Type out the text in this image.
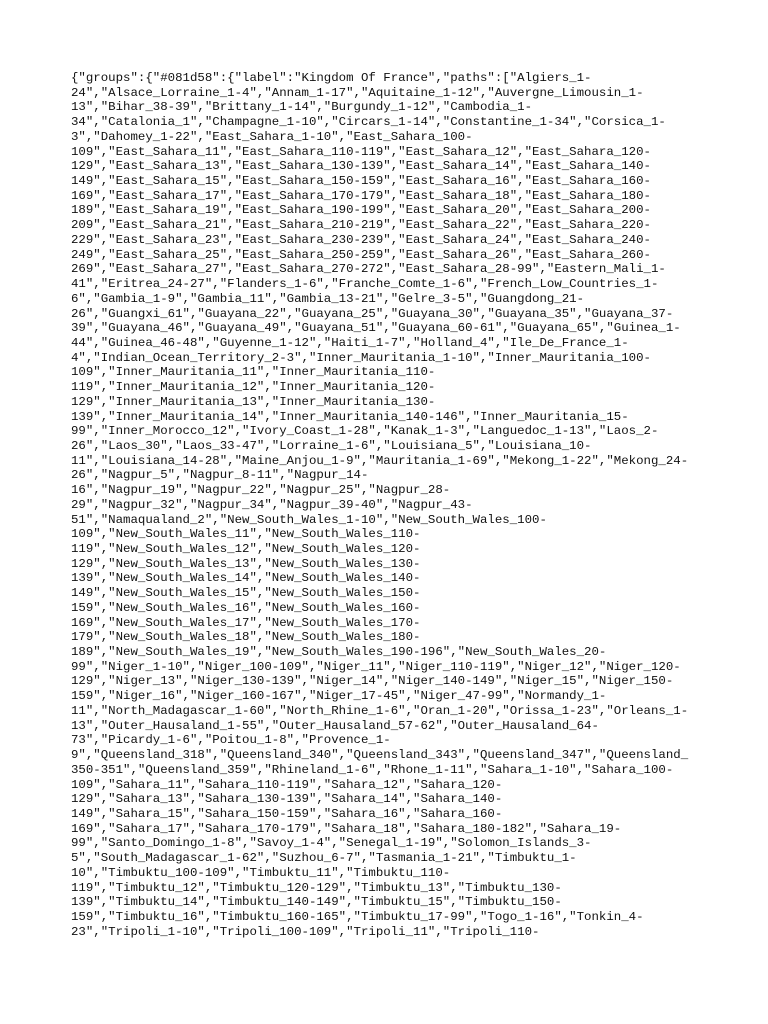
{"groups":{"#081d58":{"label":"Kingdom Of France","paths":["Algiers_1-
24","Alsace_Lorraine_1-4","Annam_1-17","Aquitaine_1-12","Auvergne_Limousin_1-
13","Bihar_38-39","Brittany_1-14","Burgundy_1-12","Cambodia_1-
34","Catalonia_1","Champagne_1-10","Circars_1-14","Constantine_1-34","Corsica_1-
3","Dahomey_1-22","East_Sahara_1-10","East_Sahara_100-
109","East_Sahara_11","East_Sahara_110-119","East_Sahara_12","East_Sahara_120-
129","East_Sahara_13","East_Sahara_130-139","East_Sahara_14","East_Sahara_140-
149","East_Sahara_15","East_Sahara_150-159","East_Sahara_16","East_Sahara_160-
169","East_Sahara_17","East_Sahara_170-179","East_Sahara_18","East_Sahara_180-
189","East_Sahara_19","East_Sahara_190-199","East_Sahara_20","East_Sahara_200-
209","East_Sahara_21","East_Sahara_210-219","East_Sahara_22","East_Sahara_220-
229","East_Sahara_23","East_Sahara_230-239","East_Sahara_24","East_Sahara_240-
249","East_Sahara_25","East_Sahara_250-259","East_Sahara_26","East_Sahara_260-
269","East_Sahara_27","East_Sahara_270-272","East_Sahara_28-99","Eastern_Mali_1-
41","Eritrea_24-27","Flanders_1-6","Franche_Comte_1-6","French_Low_Countries_1-
6","Gambia_1-9","Gambia_11","Gambia_13-21","Gelre_3-5","Guangdong_21-
26","Guangxi_61","Guayana_22","Guayana_25","Guayana_30","Guayana_35","Guayana_37-
39","Guayana_46","Guayana_49","Guayana_51","Guayana_60-61","Guayana_65","Guinea_1-
44","Guinea_46-48","Guyenne_1-12","Haiti_1-7","Holland_4","Ile_De_France_1-
4","Indian_Ocean_Territory_2-3","Inner_Mauritania_1-10","Inner_Mauritania_100-
109","Inner_Mauritania_11","Inner_Mauritania_110-
119","Inner_Mauritania_12","Inner_Mauritania_120-
129","Inner_Mauritania_13","Inner_Mauritania_130-
139","Inner_Mauritania_14","Inner_Mauritania_140-146","Inner_Mauritania_15-
99","Inner_Morocco_12","Ivory_Coast_1-28","Kanak_1-3","Languedoc_1-13","Laos_2-
26","Laos_30","Laos_33-47","Lorraine_1-6","Louisiana_5","Louisiana_10-
11","Louisiana_14-28","Maine_Anjou_1-9","Mauritania_1-69","Mekong_1-22","Mekong_24-
26","Nagpur_5","Nagpur_8-11","Nagpur_14-
16","Nagpur_19","Nagpur_22","Nagpur_25","Nagpur_28-
29","Nagpur_32","Nagpur_34","Nagpur_39-40","Nagpur_43-
51","Namaqualand_2","New_South_Wales_1-10","New_South_Wales_100-
109","New_South_Wales_11","New_South_Wales_110-
119","New_South_Wales_12","New_South_Wales_120-
129","New_South_Wales_13","New_South_Wales_130-
139","New_South_Wales_14","New_South_Wales_140-
149","New_South_Wales_15","New_South_Wales_150-
159","New_South_Wales_16","New_South_Wales_160-
169","New_South_Wales_17","New_South_Wales_170-
179","New_South_Wales_18","New_South_Wales_180-
189","New_South_Wales_19","New_South_Wales_190-196","New_South_Wales_20-
99","Niger_1-10","Niger_100-109","Niger_11","Niger_110-119","Niger_12","Niger_120-
129","Niger_13","Niger_130-139","Niger_14","Niger_140-149","Niger_15","Niger_150-
159","Niger_16","Niger_160-167","Niger_17-45","Niger_47-99","Normandy_1-
11","North_Madagascar_1-60","North_Rhine_1-6","Oran_1-20","Orissa_1-23","Orleans_1-
13","Outer_Hausaland_1-55","Outer_Hausaland_57-62","Outer_Hausaland_64-
73","Picardy_1-6","Poitou_1-8","Provence_1-
9","Queensland_318","Queensland_340","Queensland_343","Queensland_347","Queensland_
350-351","Queensland_359","Rhineland_1-6","Rhone_1-11","Sahara_1-10","Sahara_100-
109","Sahara_11","Sahara_110-119","Sahara_12","Sahara_120-
129","Sahara_13","Sahara_130-139","Sahara_14","Sahara_140-
149","Sahara_15","Sahara_150-159","Sahara_16","Sahara_160-
169","Sahara_17","Sahara_170-179","Sahara_18","Sahara_180-182","Sahara_19-
99","Santo_Domingo_1-8","Savoy_1-4","Senegal_1-19","Solomon_Islands_3-
5","South_Madagascar_1-62","Suzhou_6-7","Tasmania_1-21","Timbuktu_1-
10","Timbuktu_100-109","Timbuktu_11","Timbuktu_110-
119","Timbuktu_12","Timbuktu_120-129","Timbuktu_13","Timbuktu_130-
139","Timbuktu_14","Timbuktu_140-149","Timbuktu_15","Timbuktu_150-
159","Timbuktu_16","Timbuktu_160-165","Timbuktu_17-99","Togo_1-16","Tonkin_4-
23","Tripoli_1-10","Tripoli_100-109","Tripoli_11","Tripoli_110-
